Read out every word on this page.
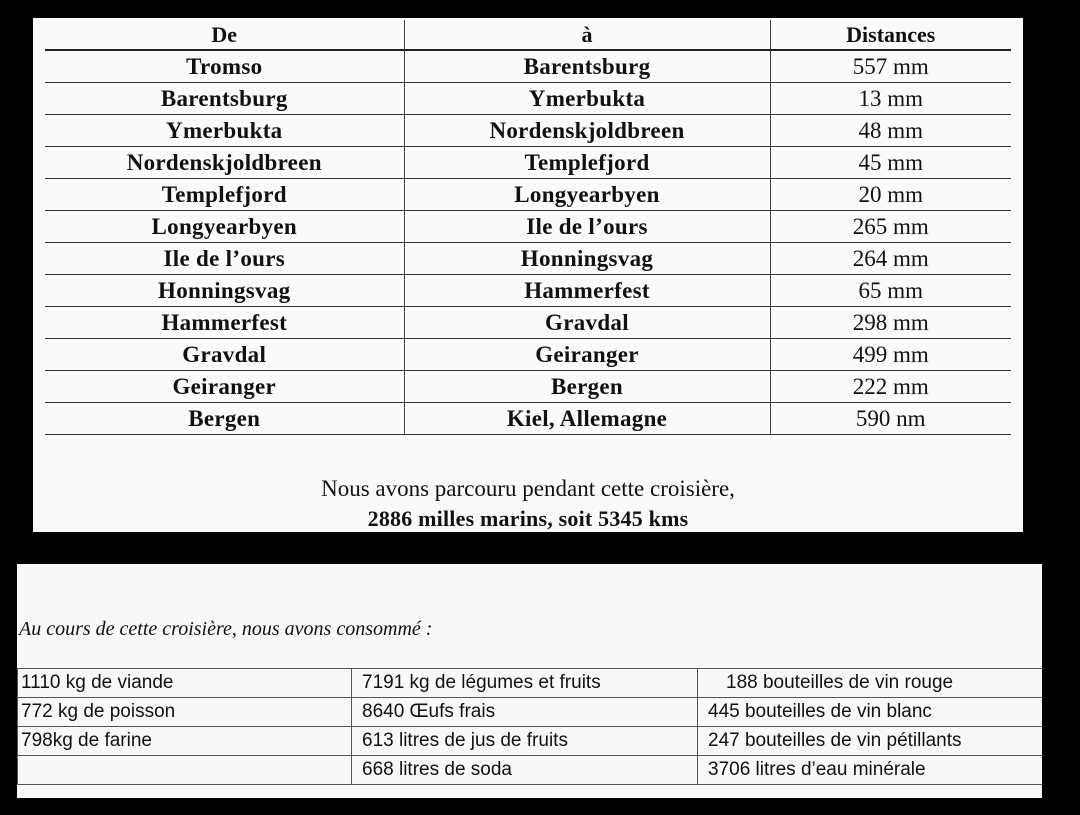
De	à	Distances
Tromso	Barentsburg	557 mm
Barentsburg	Ymerbukta	13 mm
Ymerbukta	Nordenskjoldbreen	48 mm
Nordenskjoldbreen	Templefjord	45 mm
Templefjord	Longyearbyen	20 mm
Longyearbyen	Ile de l’ours	265 mm
Ile de l’ours	Honningsvag	264 mm
Honningsvag	Hammerfest	65 mm
Hammerfest	Gravdal	298 mm
Gravdal	Geiranger	499 mm
Geiranger	Bergen	222 mm
Bergen	Kiel, Allemagne	590 nm
Nous avons parcouru pendant cette croisière,
2886 milles marins, soit 5345 kms
Au cours de cette croisière, nous avons consommé :
1110 kg de viande	7191 kg de légumes et fruits	188 bouteilles de vin rouge
772 kg de poisson	8640 Œufs frais	445 bouteilles de vin blanc
798kg de farine	613 litres de jus de fruits	247 bouteilles de vin pétillants
	668 litres de soda	3706 litres d’eau minérale
